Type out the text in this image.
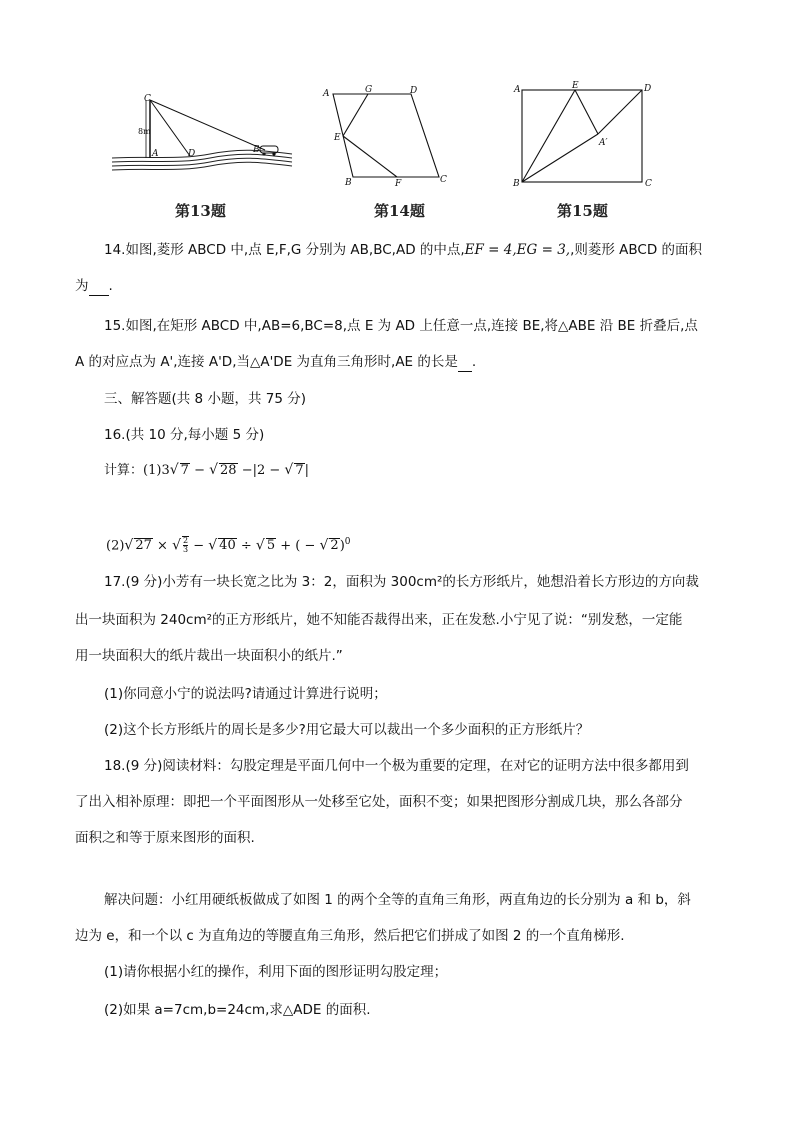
C
8m
A	D	B
第13题
A	G	D
E
B	F	C
第14题
A	E	D
A′
B	C
第15题
14.如图,菱形 ABCD 中,点 E,F,G 分别为 AB,BC,AD 的中点,EF = 4,EG = 3,,则菱形 ABCD 的面积
为 .
15.如图,在矩形 ABCD 中,AB=6,BC=8,点 E 为 AD 上任意一点,连接 BE,将△ABE 沿 BE 折叠后,点
A 的对应点为 A',连接 A'D,当△A'DE 为直角三角形时,AE 的长是 .
三、解答题(共 8 小题，共 75 分)
16.(共 10 分,每小题 5 分)
计算：(1)3√ 7 − √ 28 −|2 − √ 7|
(2)√ 27 × √ $\frac{2}{3}$ − √ 40 ÷ √ 5 + ( − √ 2)$^0$
17.(9 分)小芳有一块长宽之比为 3：2，面积为 300cm²的长方形纸片，她想沿着长方形边的方向裁
出一块面积为 240cm²的正方形纸片，她不知能否裁得出来，正在发愁.小宁见了说：“别发愁，一定能
用一块面积大的纸片裁出一块面积小的纸片.”
(1)你同意小宁的说法吗?请通过计算进行说明；
(2)这个长方形纸片的周长是多少?用它最大可以裁出一个多少面积的正方形纸片？
18.(9 分)阅读材料：勾股定理是平面几何中一个极为重要的定理，在对它的证明方法中很多都用到
了出入相补原理：即把一个平面图形从一处移至它处，面积不变；如果把图形分割成几块，那么各部分
面积之和等于原来图形的面积.
解决问题：小红用硬纸板做成了如图 1 的两个全等的直角三角形，两直角边的长分别为 a 和 b，斜
边为 e，和一个以 c 为直角边的等腰直角三角形，然后把它们拼成了如图 2 的一个直角梯形.
(1)请你根据小红的操作，利用下面的图形证明勾股定理；
(2)如果 a=7cm,b=24cm,求△ADE 的面积.
